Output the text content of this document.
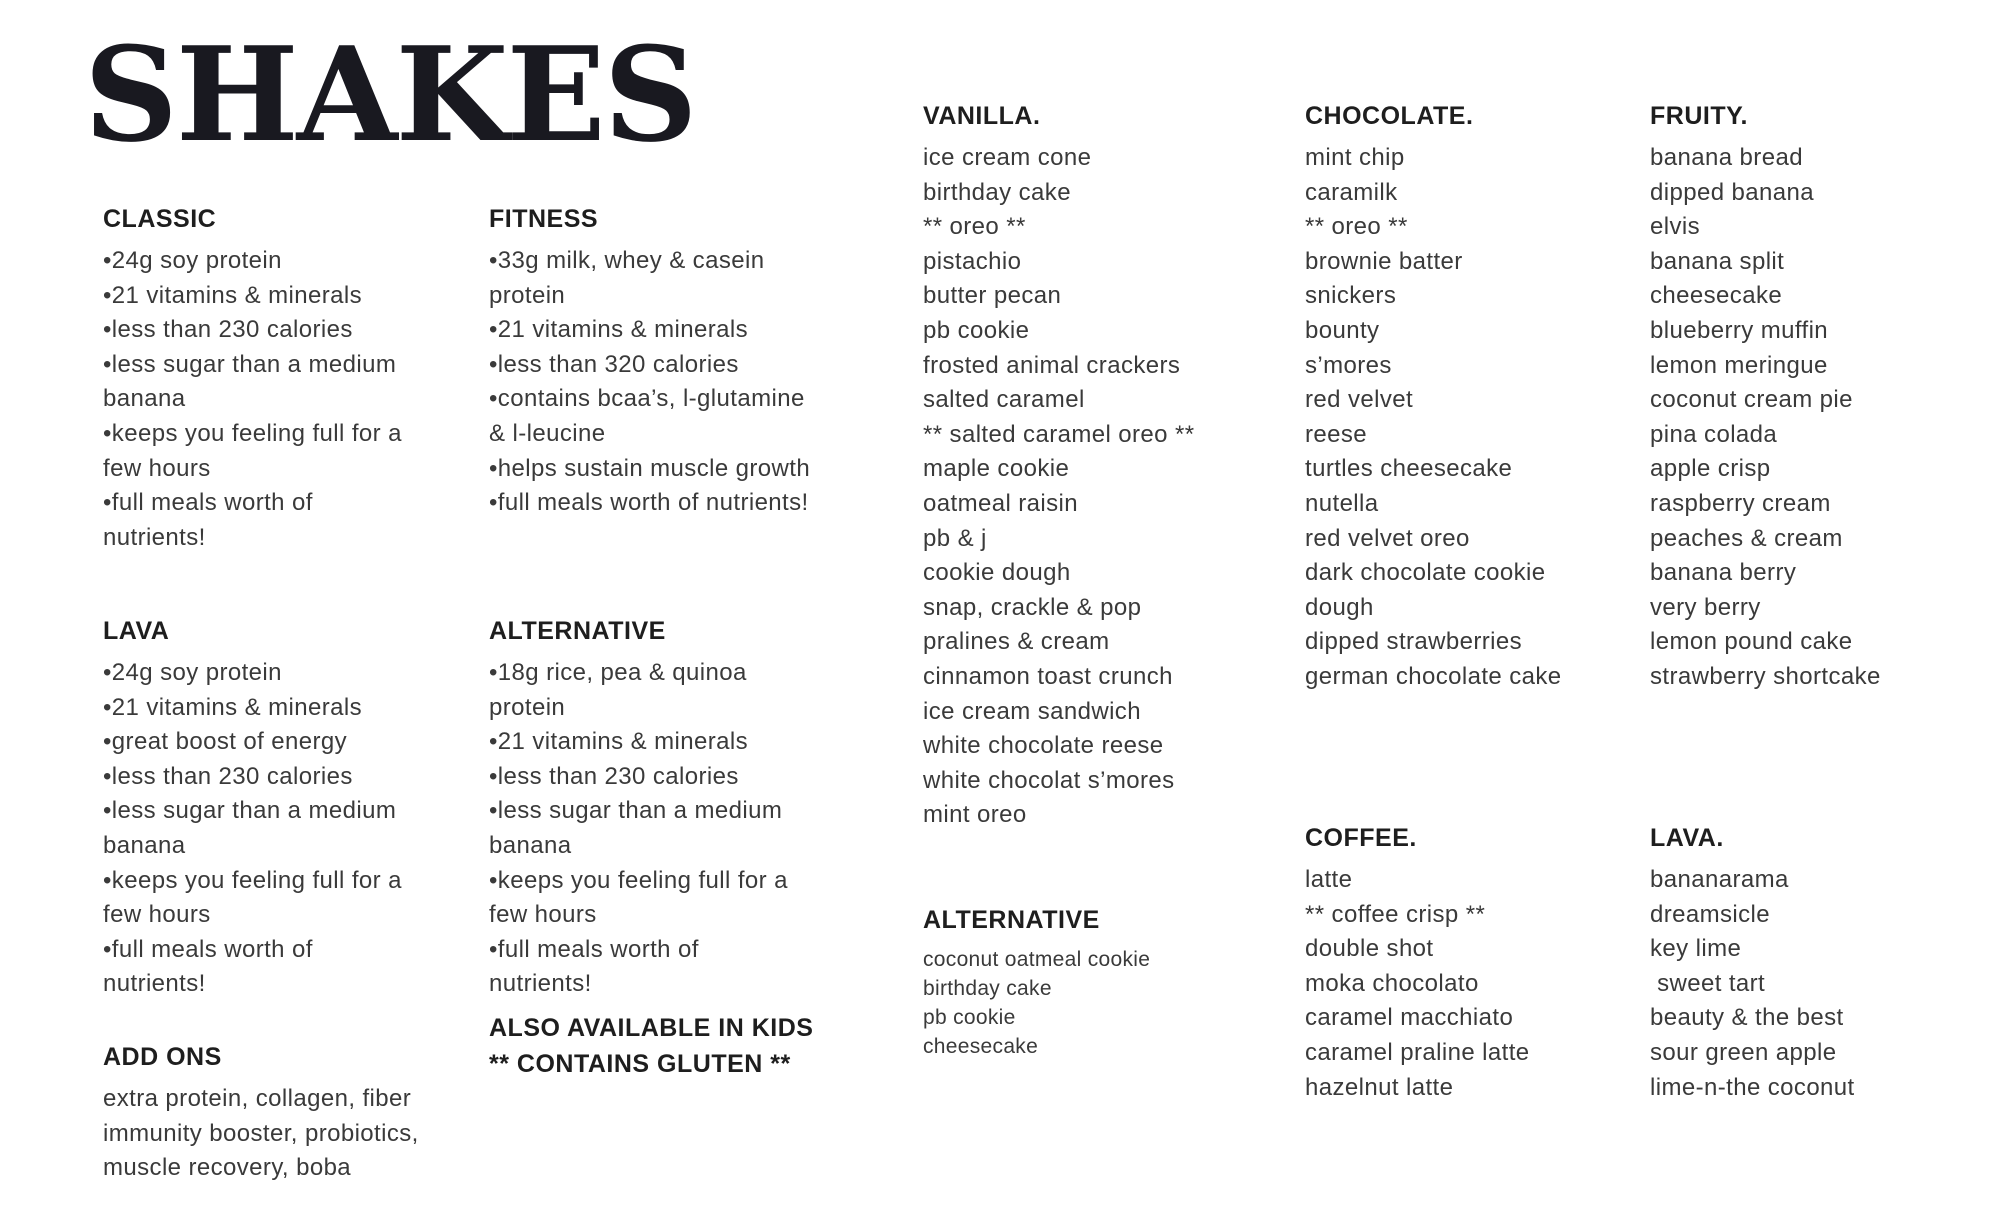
SHAKES
CLASSIC
•24g soy protein
•21 vitamins & minerals
•less than 230 calories
•less sugar than a medium
banana
•keeps you feeling full for a
few hours
•full meals worth of
nutrients!
LAVA
•24g soy protein
•21 vitamins & minerals
•great boost of energy
•less than 230 calories
•less sugar than a medium
banana
•keeps you feeling full for a
few hours
•full meals worth of
nutrients!
ADD ONS
extra protein, collagen, fiber
immunity booster, probiotics,
muscle recovery, boba
FITNESS
•33g milk, whey & casein
protein
•21 vitamins & minerals
•less than 320 calories
•contains bcaa’s, l-glutamine
& l-leucine
•helps sustain muscle growth
•full meals worth of nutrients!
ALTERNATIVE
•18g rice, pea & quinoa
protein
•21 vitamins & minerals
•less than 230 calories
•less sugar than a medium
banana
•keeps you feeling full for a
few hours
•full meals worth of
nutrients!
ALSO AVAILABLE IN KIDS
** CONTAINS GLUTEN **
VANILLA.
ice cream cone
birthday cake
** oreo **
pistachio
butter pecan
pb cookie
frosted animal crackers
salted caramel
** salted caramel oreo **
maple cookie
oatmeal raisin
pb & j
cookie dough
snap, crackle & pop
pralines & cream
cinnamon toast crunch
ice cream sandwich
white chocolate reese
white chocolat s’mores
mint oreo
ALTERNATIVE
coconut oatmeal cookie
birthday cake
pb cookie
cheesecake
CHOCOLATE.
mint chip
caramilk
** oreo **
brownie batter
snickers
bounty
s’mores
red velvet
reese
turtles cheesecake
nutella
red velvet oreo
dark chocolate cookie
dough
dipped strawberries
german chocolate cake
COFFEE.
latte
** coffee crisp **
double shot
moka chocolato
caramel macchiato
caramel praline latte
hazelnut latte
FRUITY.
banana bread
dipped banana
elvis
banana split
cheesecake
blueberry muffin
lemon meringue
coconut cream pie
pina colada
apple crisp
raspberry cream
peaches & cream
banana berry
very berry
lemon pound cake
strawberry shortcake
LAVA.
bananarama
dreamsicle
key lime
sweet tart
beauty & the best
sour green apple
lime-n-the coconut
